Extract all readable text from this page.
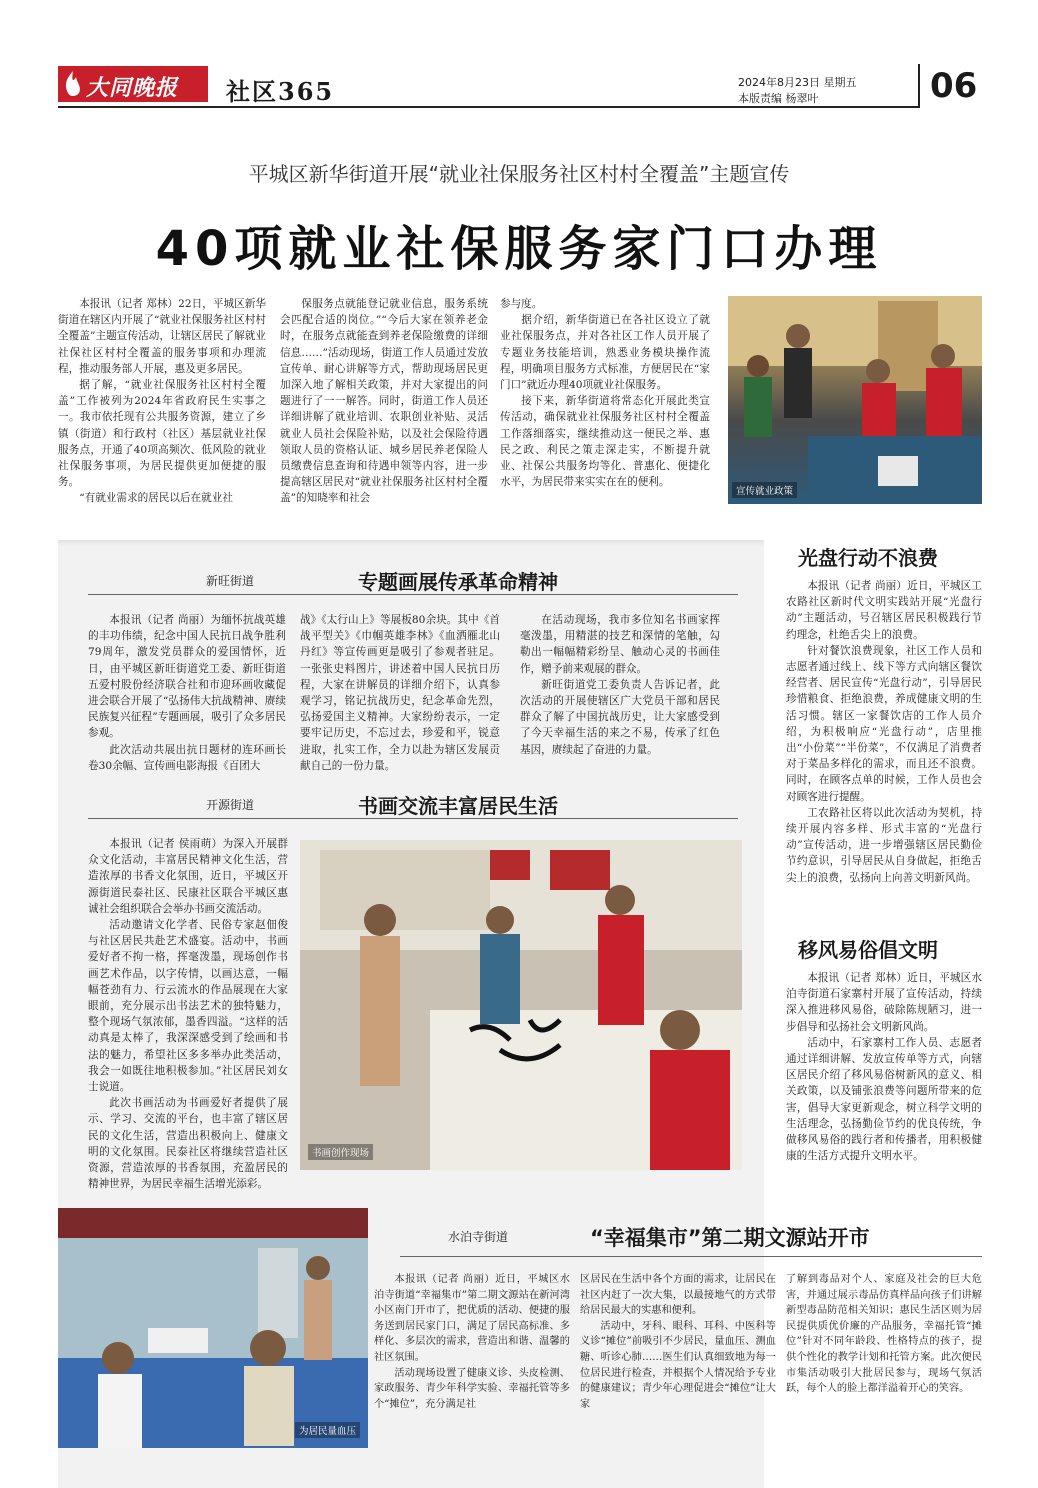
大同晚报 社区365	2024年8月23日 星期五
本版责编 杨翠叶	06
平城区新华街道开展“就业社保服务社区村村全覆盖”主题宣传
40项就业社保服务家门口办理

本报讯（记者 郑林）22日，平城区新华街道在辖区内开展了“就业社保服务社区村村全覆盖”主题宣传活动，让辖区居民了解就业社保社区村村全覆盖的服务事项和办理流程，推动服务部人开展，惠及更多居民。

据了解，“就业社保服务社区村村全覆盖”工作被列为2024年省政府民生实事之一。我市依托现有公共服务资源，建立了乡镇（街道）和行政村（社区）基层就业社保服务点，开通了40项高频次、低风险的就业社保服务事项，为居民提供更加便捷的服务。

“有就业需求的居民以后在就业社

保服务点就能登记就业信息，服务系统会匹配合适的岗位。”“今后大家在领养老金时，在服务点就能查到养老保险缴费的详细信息……”活动现场，街道工作人员通过发放宣传单、耐心讲解等方式，帮助现场居民更加深入地了解相关政策，并对大家提出的问题进行了一一解答。同时，街道工作人员还详细讲解了就业培训、农职创业补贴、灵活就业人员社会保险补贴，以及社会保险待遇领取人员的资格认证、城乡居民养老保险人员缴费信息查询和待遇申领等内容，进一步提高辖区居民对“就业社保服务社区村村全覆盖”的知晓率和社会

参与度。

据介绍，新华街道已在各社区设立了就业社保服务点，并对各社区工作人员开展了专题业务技能培训，熟悉业务模块操作流程，明确项目服务方式标准，方便居民在“家门口”就近办理40项就业社保服务。

接下来，新华街道将常态化开展此类宣传活动，确保就业社保服务社区村村全覆盖工作落细落实，继续推动这一便民之举、惠民之政、利民之策走深走实，不断提升就业、社保公共服务均等化、普惠化、便捷化水平，为居民带来实实在在的便利。

宣传就业政策
新旺街道	专题画展传承革命精神

本报讯（记者 尚丽）为缅怀抗战英雄的丰功伟绩，纪念中国人民抗日战争胜利79周年，激发党员群众的爱国情怀，近日，由平城区新旺街道党工委、新旺街道五爱村股份经济联合社和市迎环画收藏促进会联合开展了“弘扬伟大抗战精神、赓续民族复兴征程”专题画展，吸引了众多居民参观。

此次活动共展出抗日题材的连环画长卷30余幅、宣传画电影海报《百团大

战》《太行山上》等展板80余块。其中《首战平型关》《巾帼英雄李林》《血洒雁北山丹红》等宣传画更是吸引了参观者驻足。一张张史料图片，讲述着中国人民抗日历程，大家在讲解员的详细介绍下，认真参观学习，铭记抗战历史，纪念革命先烈，弘扬爱国主义精神。大家纷纷表示，一定要牢记历史，不忘过去，珍爱和平，锐意进取，扎实工作，全力以赴为辖区发展贡献自己的一份力量。

在活动现场，我市多位知名书画家挥毫泼墨，用精湛的技艺和深情的笔触，勾勒出一幅幅精彩纷呈、触动心灵的书画佳作，赠予前来观展的群众。

新旺街道党工委负责人告诉记者，此次活动的开展使辖区广大党员干部和居民群众了解了中国抗战历史，让大家感受到了今天幸福生活的来之不易，传承了红色基因，赓续起了奋进的力量。

开源街道	书画交流丰富居民生活

本报讯（记者 侯雨萌）为深入开展群众文化活动，丰富居民精神文化生活，营造浓厚的书香文化氛围，近日，平城区开源街道民泰社区、民康社区联合平城区惠诚社会组织联合会举办书画交流活动。

活动邀请文化学者、民俗专家赵佃俊与社区居民共赴艺术盛宴。活动中，书画爱好者不拘一格，挥毫泼墨，现场创作书画艺术作品，以字传情，以画达意，一幅幅苍劲有力、行云流水的作品展现在大家眼前，充分展示出书法艺术的独特魅力，整个现场气氛浓郁，墨香四溢。“这样的活动真是太棒了，我深深感受到了绘画和书法的魅力，希望社区多多举办此类活动，我会一如既往地积极参加。”社区居民刘女士说道。

此次书画活动为书画爱好者提供了展示、学习、交流的平台，也丰富了辖区居民的文化生活，营造出积极向上、健康文明的文化氛围。民泰社区将继续营造社区资源，营造浓厚的书香氛围，充盈居民的精神世界，为居民幸福生活增光添彩。

书画创作现场
光盘行动不浪费

本报讯（记者 尚丽）近日，平城区工农路社区新时代文明实践站开展“光盘行动”主题活动，号召辖区居民积极践行节约理念，杜绝舌尖上的浪费。

针对餐饮浪费现象，社区工作人员和志愿者通过线上、线下等方式向辖区餐饮经营者、居民宣传“光盘行动”，引导居民珍惜粮食、拒绝浪费，养成健康文明的生活习惯。辖区一家餐饮店的工作人员介绍，为积极响应“光盘行动”，店里推出“小份菜”“半份菜”，不仅满足了消费者对于菜品多样化的需求，而且还不浪费。同时，在顾客点单的时候，工作人员也会对顾客进行提醒。

工农路社区将以此次活动为契机，持续开展内容多样、形式丰富的“光盘行动”宣传活动，进一步增强辖区居民勤俭节约意识，引导居民从自身做起，拒绝舌尖上的浪费，弘扬向上向善文明新风尚。

移风易俗倡文明

本报讯（记者 郑林）近日，平城区水泊寺街道石家寨村开展了宣传活动，持续深入推进移风易俗，破除陈规陋习，进一步倡导和弘扬社会文明新风尚。

活动中，石家寨村工作人员、志愿者通过详细讲解、发放宣传单等方式，向辖区居民介绍了移风易俗树新风的意义、相关政策，以及铺张浪费等问题所带来的危害，倡导大家更新观念，树立科学文明的生活理念，弘扬勤俭节约的优良传统，争做移风易俗的践行者和传播者，用积极健康的生活方式提升文明水平。

为居民量血压
水泊寺街道	“幸福集市”第二期文源站开市

本报讯（记者 尚丽）近日，平城区水泊寺街道“幸福集市”第二期文源站在新河湾小区南门开市了，把优质的活动、便捷的服务送到居民家门口，满足了居民高标准、多样化、多层次的需求，营造出和谐、温馨的社区氛围。

活动现场设置了健康义诊、头皮检测、家政服务、青少年科学实验、幸福托管等多个“摊位”，充分满足社

区居民在生活中各个方面的需求，让居民在社区内赶了一次大集，以最接地气的方式带给居民最大的实惠和便利。

活动中，牙科、眼科、耳科、中医科等义诊“摊位”前吸引不少居民，量血压、测血糖、听诊心肺……医生们认真细致地为每一位居民进行检查，并根据个人情况给予专业的健康建议；青少年心理促进会“摊位”让大家

了解到毒品对个人、家庭及社会的巨大危害，并通过展示毒品仿真样品向孩子们讲解新型毒品防范相关知识；惠民生活区则为居民提供质优价廉的产品服务，幸福托管“摊位”针对不同年龄段、性格特点的孩子，提供个性化的教学计划和托管方案。此次便民市集活动吸引大批居民参与，现场气氛活跃，每个人的脸上都洋溢着开心的笑容。
